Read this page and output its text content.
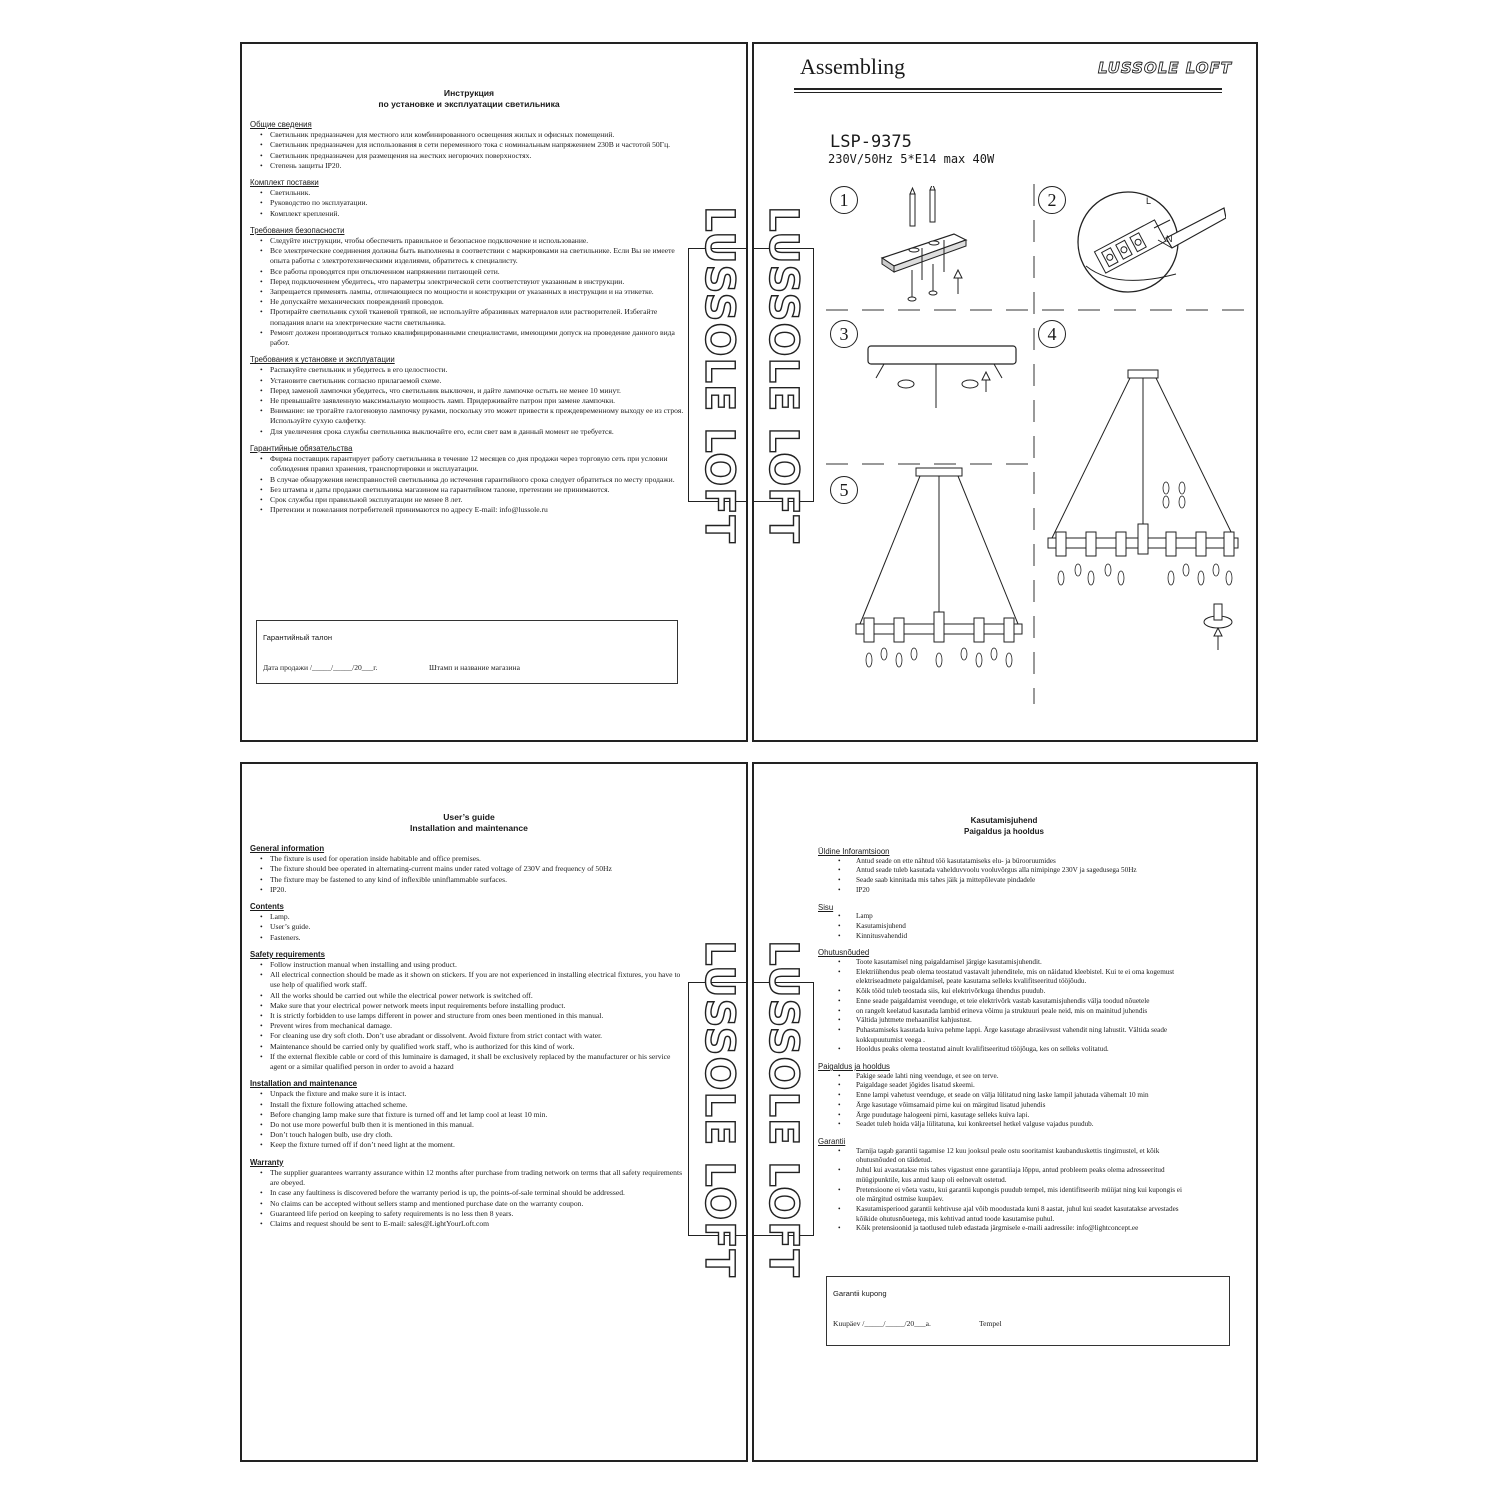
Инструкция
по установке и эксплуатации светильника
Общие сведения
• Светильник предназначен для местного или комбинированного освещения жилых и офисных помещений.
• Светильник предназначен для использования в сети переменного тока с номинальным напряжением 230В и частотой 50Гц.
• Светильник предназначен для размещения на жестких негорючих поверхностях.
• Степень защиты IP20.
Комплект поставки
• Светильник.
• Руководство по эксплуатации.
• Комплект креплений.
Требования безопасности
• Следуйте инструкции, чтобы обеспечить правильное и безопасное подключение и использование.
• Все электрические соединения должны быть выполнены в соответствии с маркировками на светильнике. Если Вы не имеете опыта работы с электротехническими изделиями, обратитесь к специалисту.
• Все работы проводятся при отключенном напряжении питающей сети.
• Перед подключением убедитесь, что параметры электрической сети соответствуют указанным в инструкции.
• Запрещается применять лампы, отличающиеся по мощности и конструкции от указанных в инструкции и на этикетке.
• Не допускайте механических повреждений проводов.
• Протирайте светильник сухой тканевой тряпкой, не используйте абразивных материалов или растворителей. Избегайте попадания влаги на электрические части светильника.
• Ремонт должен производиться только квалифицированными специалистами, имеющими допуск на проведение данного вида работ.
Требования к установке и эксплуатации
• Распакуйте светильник и убедитесь в его целостности.
• Установите светильник согласно прилагаемой схеме.
• Перед заменой лампочки убедитесь, что светильник выключен, и дайте лампочке остыть не менее 10 минут.
• Не превышайте заявленную максимальную мощность ламп. Придерживайте патрон при замене лампочки.
• Внимание: не трогайте галогеновую лампочку руками, поскольку это может привести к преждевременному выходу ее из строя. Используйте сухую салфетку.
• Для увеличения срока службы светильника выключайте его, если свет вам в данный момент не требуется.
Гарантийные обязательства
• Фирма поставщик гарантирует работу светильника в течение 12 месяцев со дня продажи через торговую сеть при условии соблюдения правил хранения, транспортировки и эксплуатации.
• В случае обнаружения неисправностей светильника до истечения гарантийного срока следует обратиться по месту продажи.
• Без штампа и даты продажи светильника магазином на гарантийном талоне, претензии не принимаются.
• Срок службы при правильной эксплуатации не менее 8 лет.
• Претензии и пожелания потребителей принимаются по адресу E-mail: info@lussole.ru
Гарантийный талон
Дата продажи /_____/_____/20___г.	Штамп и название магазина
LUSSOLE LOFT
Assembling	LUSSOLE LOFT
LSP-9375
230V/50Hz 5*E14 max 40W
LUSSOLE LOFT
1	2
3	4
5
L
N
User’s guide
Installation and maintenance
General information
• The fixture is used for operation inside habitable and office premises.
• The fixture should bee operated in alternating-current mains under rated voltage of 230V and frequency of 50Hz
• The fixture may be fastened to any kind of inflexible uninflammable surfaces.
• IP20.
Contents
• Lamp.
• User’s guide.
• Fasteners.
Safety requirements
• Follow instruction manual when installing and using product.
• All electrical connection should be made as it shown on stickers. If you are not experienced in installing electrical fixtures, you have to use help of qualified work staff.
• All the works should be carried out while the electrical power network is switched off.
• Make sure that your electrical power network meets input requirements before installing product.
• It is strictly forbidden to use lamps different in power and structure from ones been mentioned in this manual.
• Prevent wires from mechanical damage.
• For cleaning use dry soft cloth. Don’t use abradant or dissolvent. Avoid fixture from strict contact with water.
• Maintenance should be carried only by qualified work staff, who is authorized for this kind of work.
• If the external flexible cable or cord of this luminaire is damaged, it shall be exclusively replaced by the manufacturer or his service agent or a similar qualified person in order to avoid a hazard
Installation and maintenance
• Unpack the fixture and make sure it is intact.
• Install the fixture following attached scheme.
• Before changing lamp make sure that fixture is turned off and let lamp cool at least 10 min.
• Do not use more powerful bulb then it is mentioned in this manual.
• Don’t touch halogen bulb, use dry cloth.
• Keep the fixture turned off if don’t need light at the moment.
Warranty
• The supplier guarantees warranty assurance within 12 months after purchase from trading network on terms that all safety requirements are obeyed.
• In case any faultiness is discovered before the warranty period is up, the points-of-sale terminal should be addressed.
• No claims can be accepted without sellers stamp and mentioned purchase date on the warranty coupon.
• Guaranteed life period on keeping to safety requirements is no less then 8 years.
• Claims and request should be sent to E-mail: sales@LightYourLoft.com	LUSSOLE LOFT
Kasutamisjuhend
Paigaldus ja hooldus
Üldine Inforamtsioon
• Antud seade on ette nähtud töö kasutatamiseks elu- ja bürooruumides
• Antud seade tuleb kasutada vahelduvvoolu vooluvõrgus alla nimipinge 230V ja sagedusega 50Hz
• Seade saab kinnitada mis tahes jäik ja mittepõlevate pindadele
• IP20
Sisu
• Lamp
• Kasutamisjuhend
• Kinnitusvahendid
Ohutusnõuded
• Toote kasutamisel ning paigaldamisel järgige kasutamisjuhendit.
• Elektriühendus peab olema teostatud vastavalt juhenditele, mis on näidatud kleebistel. Kui te ei oma kogemust elektriseadmete paigaldamisel, peate kasutama selleks kvalifitseeritud tööjõudu.
• Kõik tööd tuleb teostada siis, kui elektrivõrkuga ühendus puudub.
• Enne seade paigaldamist veenduge, et teie elektrivõrk vastab kasutamisjuhendis välja toodud nõuetele
• on rangelt keelatud kasutada lambid erineva võimu ja struktuuri peale neid, mis on mainitud juhendis
• Vältida juhtmete mehaanilist kahjustust.
• Puhastamiseks kasutada kuiva pehme lappi. Ärge kasutage abrasiivsust vahendit ning lahustit. Vältida seade kokkupuutumist veega .
• Hooldus peaks olema teostatud ainult kvalifitseeritud tööjõuga, kes on selleks volitatud.
Paigaldus ja hooldus
• Pakige seade lahti ning veenduge, et see on terve.
• Paigaldage seadet jõgides lisatud skeemi.
• Enne lampi vahetust veenduge, et seade on välja lülitatud ning laske lampil jahutada vähemalt 10 min
• Ärge kasutage võimsamaid pirne kui on märgitud lisatud juhendis
• Ärge puudutage halogeeni pirni, kasutage selleks kuiva lapi.
• Seadet tuleb hoida välja lülitatuna, kui konkreetsel hetkel valguse vajadus puudub.
Garantii
• Tarnija tagab garantii tagamise 12 kuu jooksul peale ostu sooritamist kaubanduskettis tingimustel, et kõik ohutusnõuded on täidetud.
• Juhul kui avastatakse mis tahes vigastust enne garantiiaja lõppu, antud probleem peaks olema adresseeritud müügipunktile, kus antud kaup oli eelnevalt ostetud.
• Pretensioone ei võeta vastu, kui garantii kupongis puudub tempel, mis identifitseerib müüjat ning kui kupongis ei ole märgitud ostmise kuupäev.
• Kasutamisperiood garantii kehtivuse ajal võib moodustada kuni 8 aastat, juhul kui seadet kasutatakse arvestades kõikide ohutusnõuetega, mis kehtivad antud toode kasutamise puhul.
• Kõik pretensioonid ja taotlused tuleb edastada järgmisele e-maili aadressile: info@lightconcept.ee
Garantii kupong
Kuupäev /_____/_____/20___a.	Tempel
LUSSOLE LOFT
